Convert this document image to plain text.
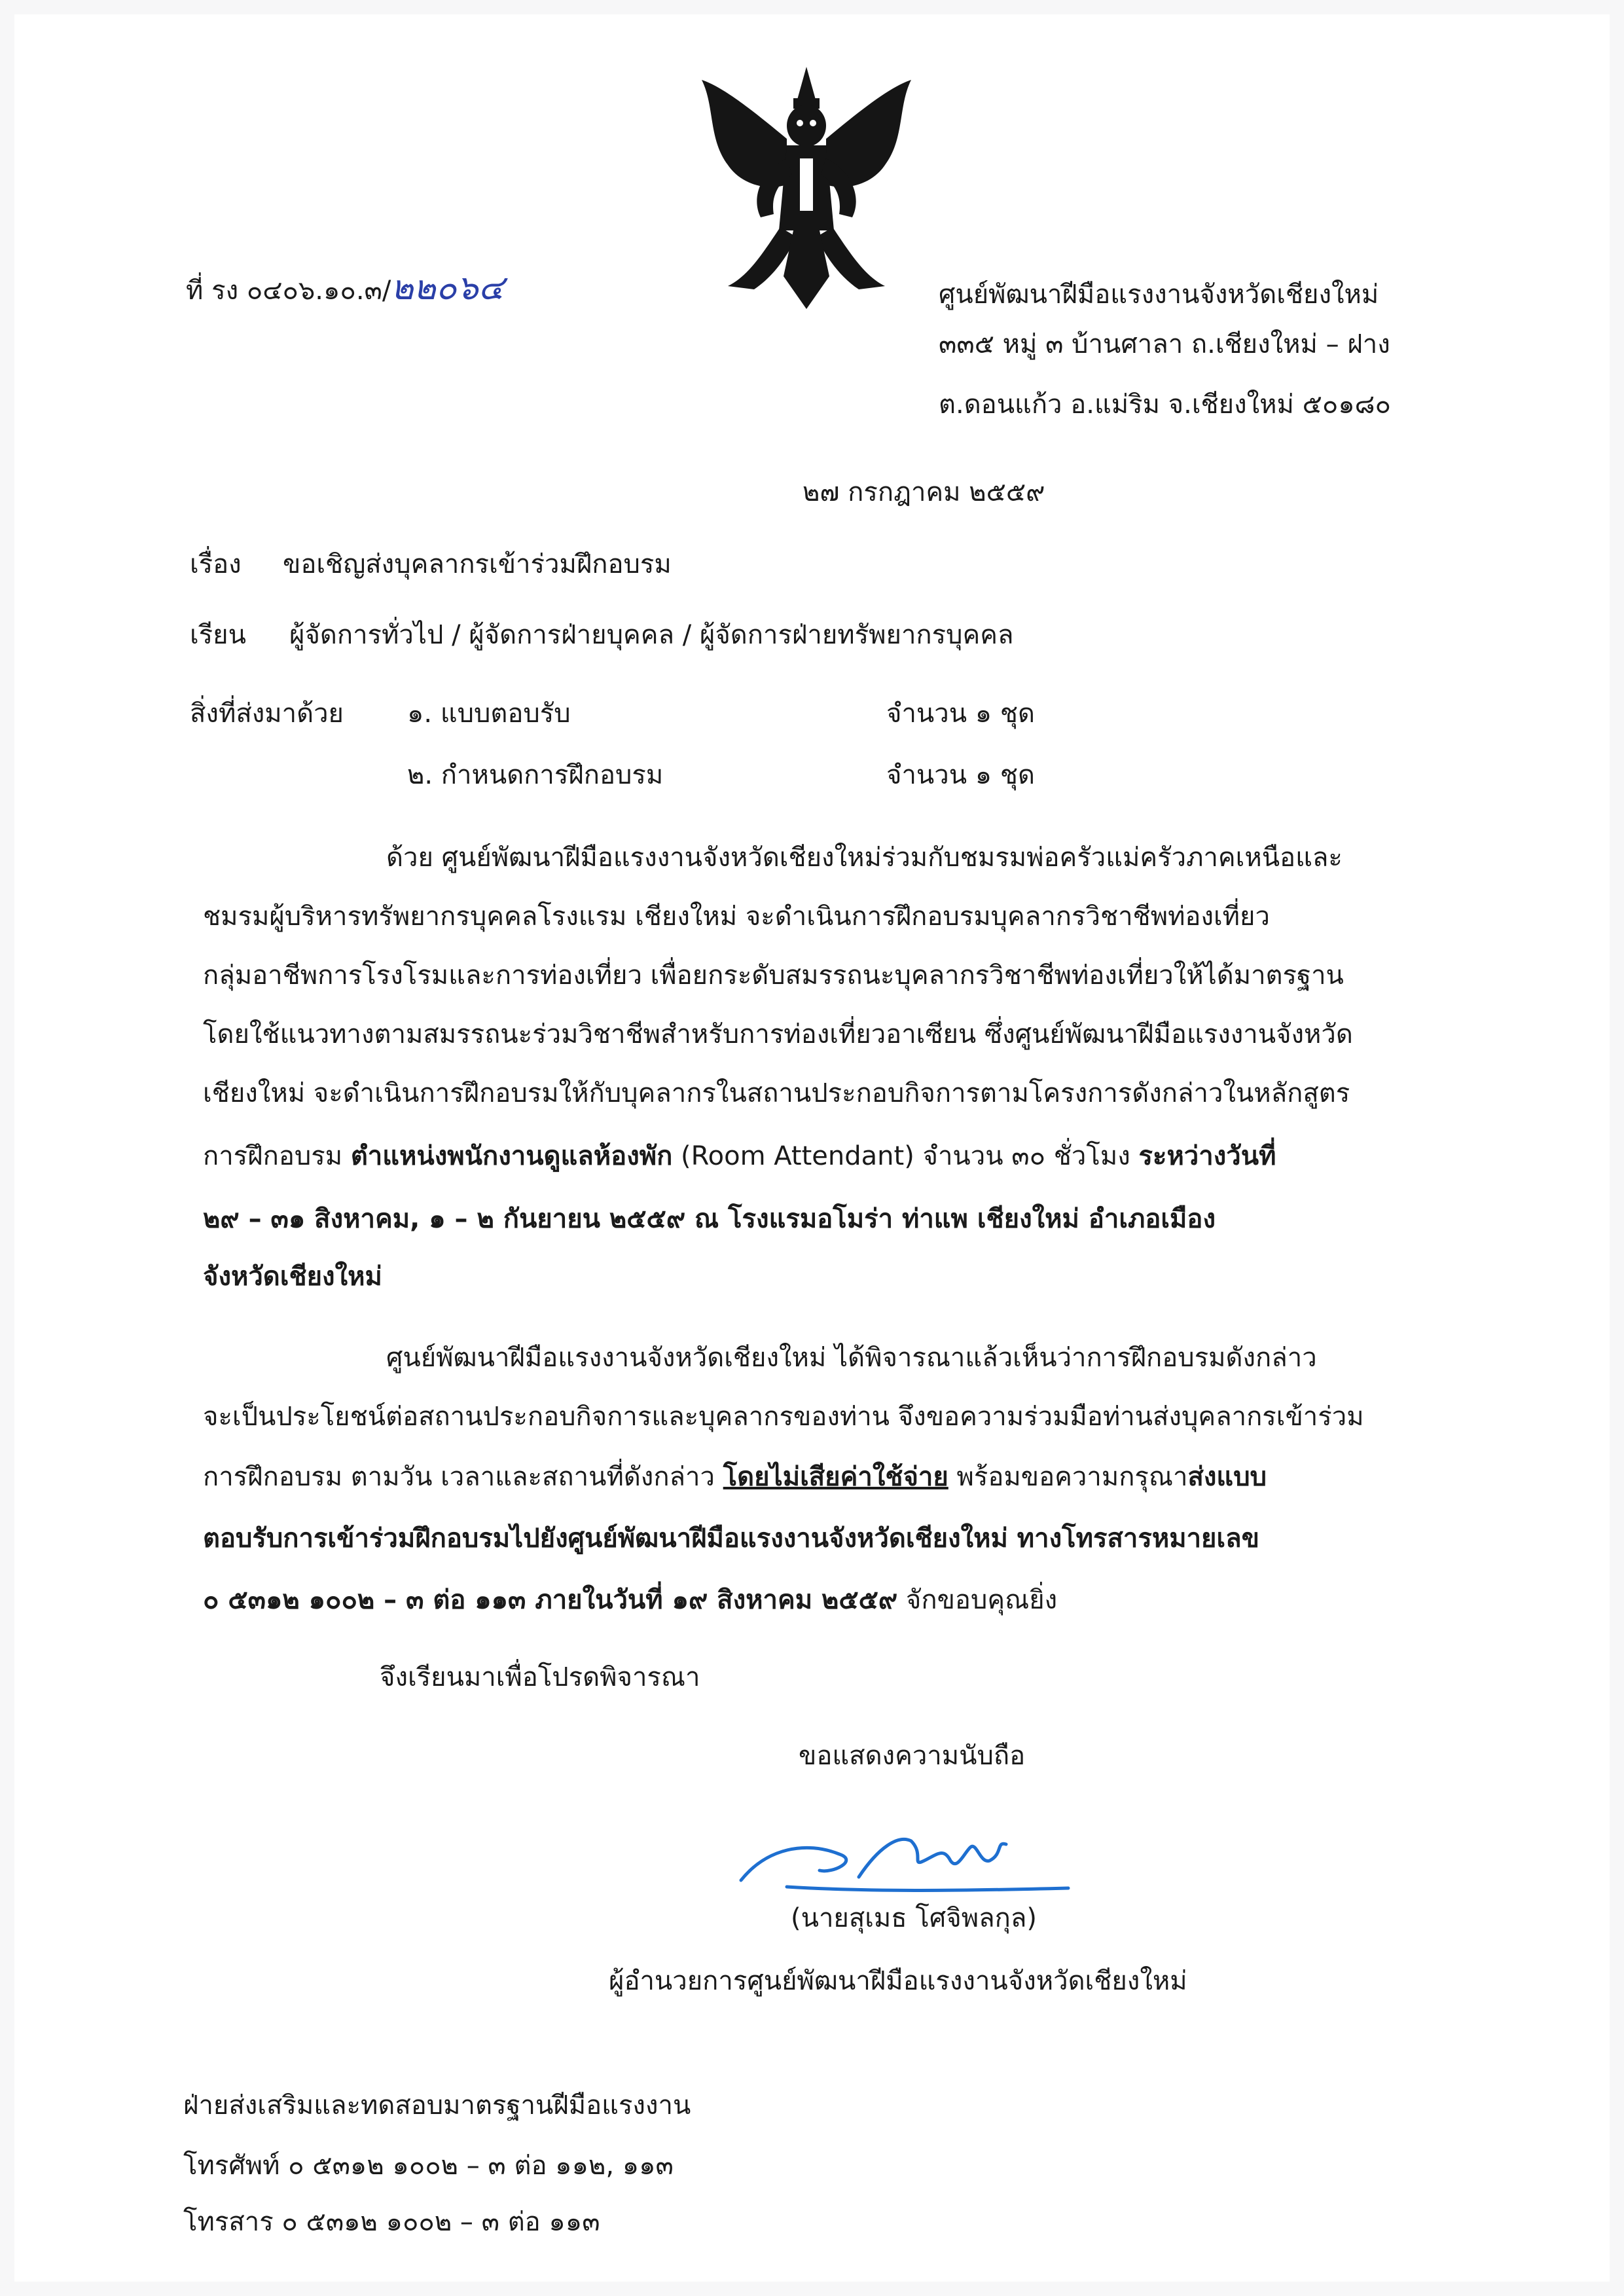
ที่ รง ๐๔๐๖.๑๐.๓/๒๒๐๖๔	ศูนย์พัฒนาฝีมือแรงงานจังหวัดเชียงใหม่
๓๓๕ หมู่ ๓ บ้านศาลา ถ.เชียงใหม่ – ฝาง
ต.ดอนแก้ว อ.แม่ริม จ.เชียงใหม่ ๕๐๑๘๐
๒๗ กรกฎาคม ๒๕๕๙
เรื่อง ขอเชิญส่งบุคลากรเข้าร่วมฝึกอบรม
เรียน ผู้จัดการทั่วไป / ผู้จัดการฝ่ายบุคคล / ผู้จัดการฝ่ายทรัพยากรบุคคล
สิ่งที่ส่งมาด้วย ๑. แบบตอบรับ	จำนวน ๑ ชุด
๒. กำหนดการฝึกอบรม	จำนวน ๑ ชุด
ด้วย ศูนย์พัฒนาฝีมือแรงงานจังหวัดเชียงใหม่ร่วมกับชมรมพ่อครัวแม่ครัวภาคเหนือและ
ชมรมผู้บริหารทรัพยากรบุคคลโรงแรม เชียงใหม่ จะดำเนินการฝึกอบรมบุคลากรวิชาชีพท่องเที่ยว
กลุ่มอาชีพการโรงโรมและการท่องเที่ยว เพื่อยกระดับสมรรถนะบุคลากรวิชาชีพท่องเที่ยวให้ได้มาตรฐาน
โดยใช้แนวทางตามสมรรถนะร่วมวิชาชีพสำหรับการท่องเที่ยวอาเซียน ซึ่งศูนย์พัฒนาฝีมือแรงงานจังหวัด
เชียงใหม่ จะดำเนินการฝึกอบรมให้กับบุคลากรในสถานประกอบกิจการตามโครงการดังกล่าวในหลักสูตร
การฝึกอบรม ตำแหน่งพนักงานดูแลห้องพัก (Room Attendant) จำนวน ๓๐ ชั่วโมง ระหว่างวันที่
๒๙ – ๓๑ สิงหาคม, ๑ – ๒ กันยายน ๒๕๕๙ ณ โรงแรมอโมร่า ท่าแพ เชียงใหม่ อำเภอเมือง
จังหวัดเชียงใหม่
ศูนย์พัฒนาฝีมือแรงงานจังหวัดเชียงใหม่ ได้พิจารณาแล้วเห็นว่าการฝึกอบรมดังกล่าว
จะเป็นประโยชน์ต่อสถานประกอบกิจการและบุคลากรของท่าน จึงขอความร่วมมือท่านส่งบุคลากรเข้าร่วม
การฝึกอบรม ตามวัน เวลาและสถานที่ดังกล่าว โดยไม่เสียค่าใช้จ่าย พร้อมขอความกรุณาส่งแบบ
ตอบรับการเข้าร่วมฝึกอบรมไปยังศูนย์พัฒนาฝีมือแรงงานจังหวัดเชียงใหม่ ทางโทรสารหมายเลข
๐ ๕๓๑๒ ๑๐๐๒ – ๓ ต่อ ๑๑๓ ภายในวันที่ ๑๙ สิงหาคม ๒๕๕๙ จักขอบคุณยิ่ง
จึงเรียนมาเพื่อโปรดพิจารณา
ขอแสดงความนับถือ
(นายสุเมธ โศจิพลกุล)
ผู้อำนวยการศูนย์พัฒนาฝีมือแรงงานจังหวัดเชียงใหม่
ฝ่ายส่งเสริมและทดสอบมาตรฐานฝีมือแรงงาน
โทรศัพท์ ๐ ๕๓๑๒ ๑๐๐๒ – ๓ ต่อ ๑๑๒, ๑๑๓
โทรสาร ๐ ๕๓๑๒ ๑๐๐๒ – ๓ ต่อ ๑๑๓
